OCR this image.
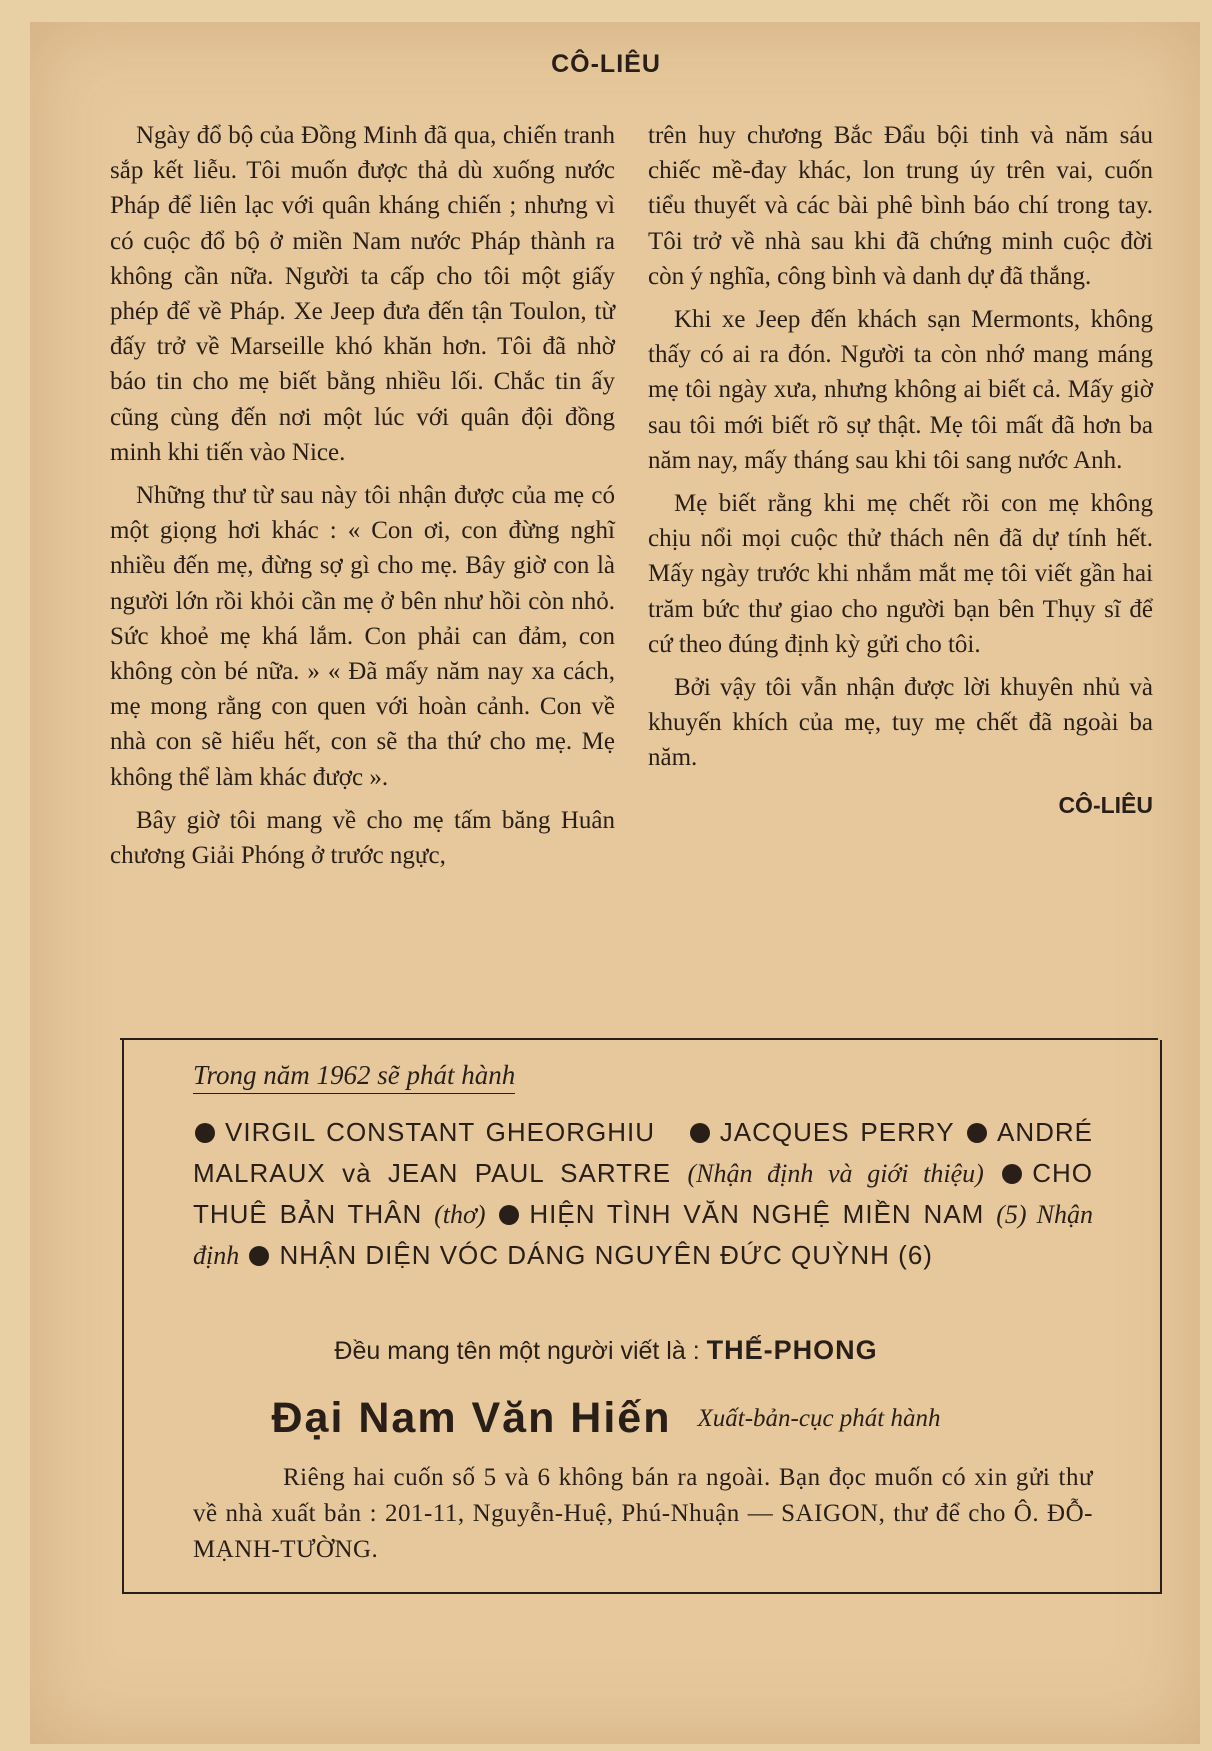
CÔ-LIÊU

Ngày đổ bộ của Đồng Minh đã qua, chiến tranh sắp kết liễu. Tôi muốn được thả dù xuống nước Pháp để liên lạc với quân kháng chiến ; nhưng vì có cuộc đổ bộ ở miền Nam nước Pháp thành ra không cần nữa. Người ta cấp cho tôi một giấy phép để về Pháp. Xe Jeep đưa đến tận Toulon, từ đấy trở về Marseille khó khăn hơn. Tôi đã nhờ báo tin cho mẹ biết bằng nhiều lối. Chắc tin ấy cũng cùng đến nơi một lúc với quân đội đồng minh khi tiến vào Nice.

Những thư từ sau này tôi nhận được của mẹ có một giọng hơi khác : « Con ơi, con đừng nghĩ nhiều đến mẹ, đừng sợ gì cho mẹ. Bây giờ con là người lớn rồi khỏi cần mẹ ở bên như hồi còn nhỏ. Sức khoẻ mẹ khá lắm. Con phải can đảm, con không còn bé nữa. » « Đã mấy năm nay xa cách, mẹ mong rằng con quen với hoàn cảnh. Con về nhà con sẽ hiểu hết, con sẽ tha thứ cho mẹ. Mẹ không thể làm khác được ».

Bây giờ tôi mang về cho mẹ tấm băng Huân chương Giải Phóng ở trước ngực,

trên huy chương Bắc Đẩu bội tinh và năm sáu chiếc mề-đay khác, lon trung úy trên vai, cuốn tiểu thuyết và các bài phê bình báo chí trong tay. Tôi trở về nhà sau khi đã chứng minh cuộc đời còn ý nghĩa, công bình và danh dự đã thắng.

Khi xe Jeep đến khách sạn Mermonts, không thấy có ai ra đón. Người ta còn nhớ mang máng mẹ tôi ngày xưa, nhưng không ai biết cả. Mấy giờ sau tôi mới biết rõ sự thật. Mẹ tôi mất đã hơn ba năm nay, mấy tháng sau khi tôi sang nước Anh.

Mẹ biết rằng khi mẹ chết rồi con mẹ không chịu nổi mọi cuộc thử thách nên đã dự tính hết. Mấy ngày trước khi nhắm mắt mẹ tôi viết gần hai trăm bức thư giao cho người bạn bên Thụy sĩ để cứ theo đúng định kỳ gửi cho tôi.

Bởi vậy tôi vẫn nhận được lời khuyên nhủ và khuyến khích của mẹ, tuy mẹ chết đã ngoài ba năm.

CÔ-LIÊU
Trong năm 1962 sẽ phát hành
VIRGIL CONSTANT GHEORGHIU JACQUES PERRY ANDRÉ MALRAUX và JEAN PAUL SARTRE (Nhận định và giới thiệu) CHO THUÊ BẢN THÂN (thơ) HIỆN TÌNH VĂN NGHỆ MIỀN NAM (5) Nhận định NHẬN DIỆN VÓC DÁNG NGUYÊN ĐỨC QUỲNH (6)
Đều mang tên một người viết là : THẾ-PHONG
Đại Nam Văn Hiến Xuất-bản-cục phát hành
Riêng hai cuốn số 5 và 6 không bán ra ngoài. Bạn đọc muốn có xin gửi thư về nhà xuất bản : 201-11, Nguyễn-Huệ, Phú-Nhuận — SAIGON, thư để cho Ô. ĐỖ-MẠNH-TƯỜNG.
